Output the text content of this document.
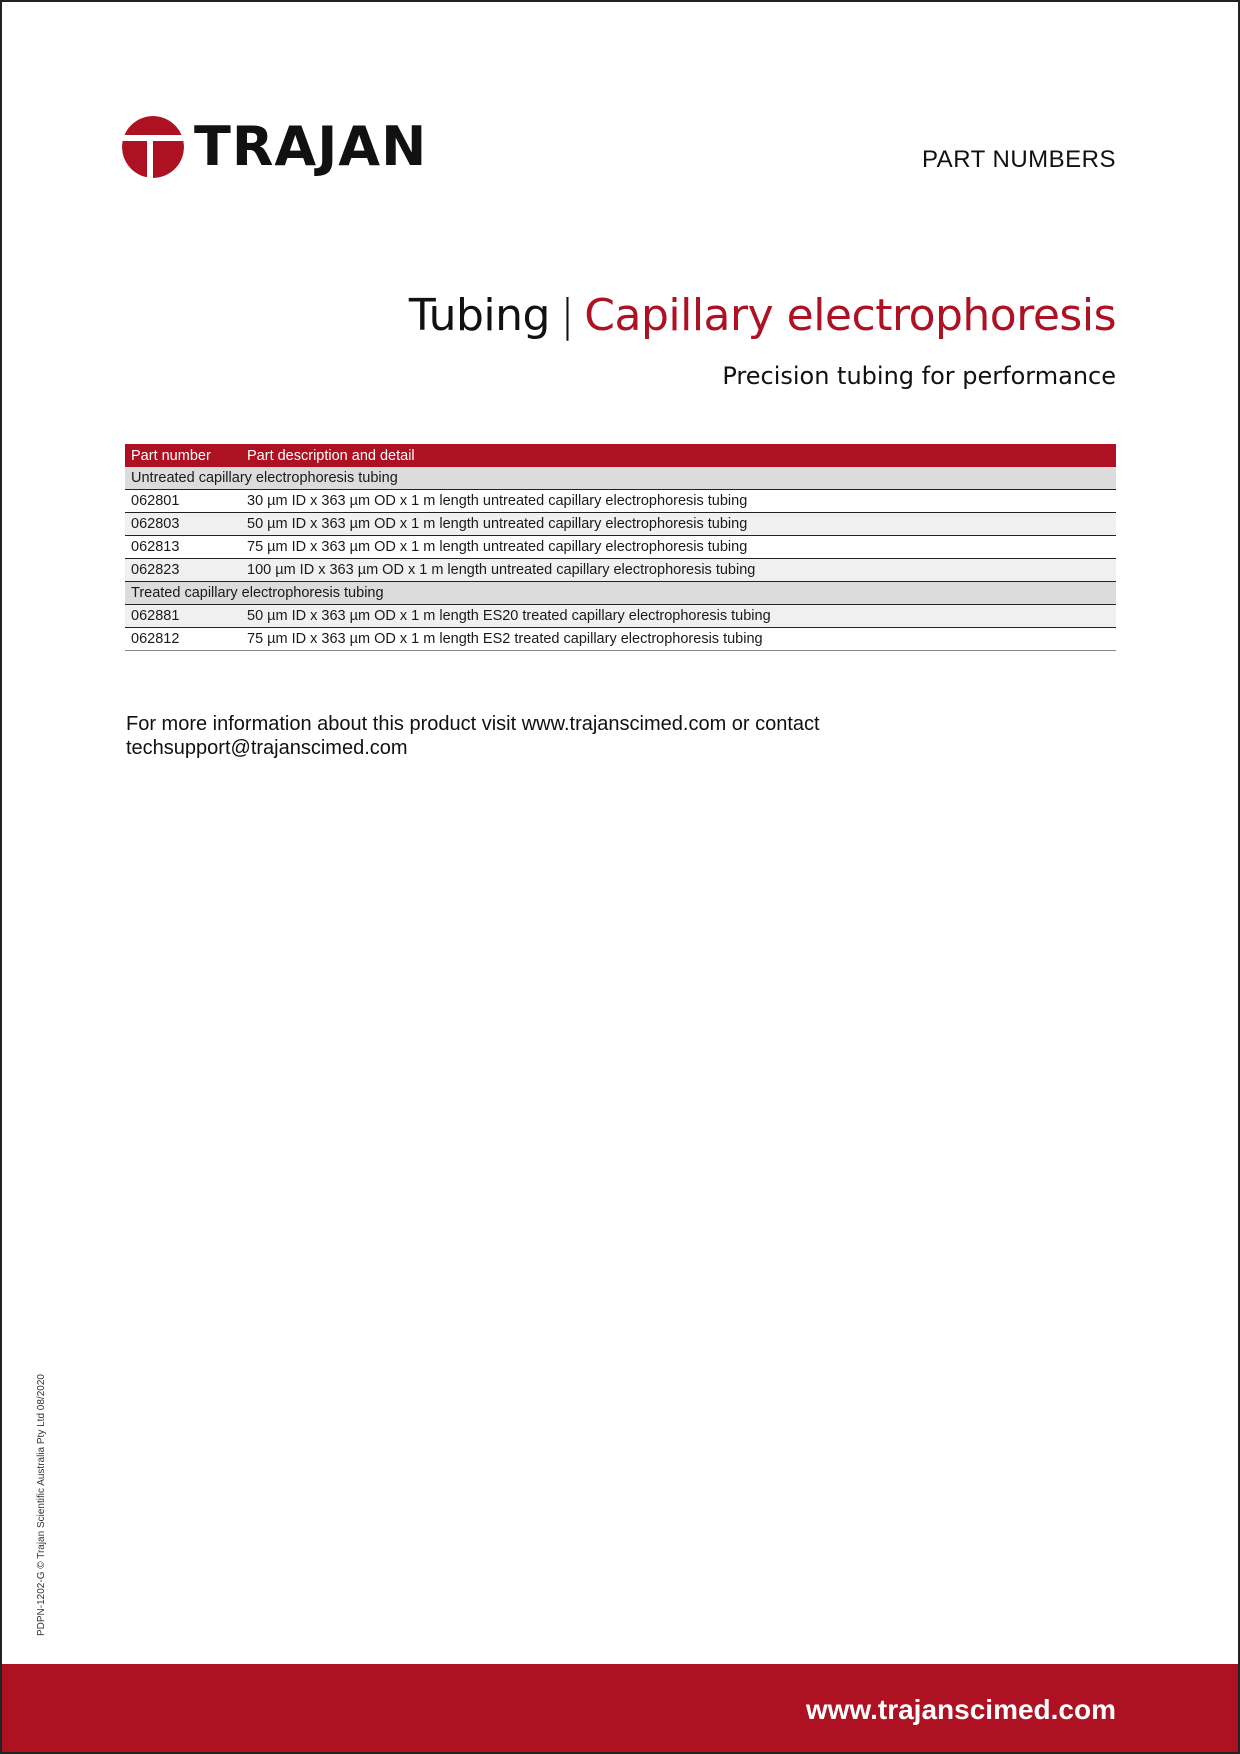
TRAJAN	PART NUMBERS
Tubing | Capillary electrophoresis
Precision tubing for performance
Part number	Part description and detail
Untreated capillary electrophoresis tubing	
062801	30 µm ID x 363 µm OD x 1 m length untreated capillary electrophoresis tubing
062803	50 µm ID x 363 µm OD x 1 m length untreated capillary electrophoresis tubing
062813	75 µm ID x 363 µm OD x 1 m length untreated capillary electrophoresis tubing
062823	100 µm ID x 363 µm OD x 1 m length untreated capillary electrophoresis tubing
Treated capillary electrophoresis tubing	
062881	50 µm ID x 363 µm OD x 1 m length ES20 treated capillary electrophoresis tubing
062812	75 µm ID x 363 µm OD x 1 m length ES2 treated capillary electrophoresis tubing
For more information about this product visit www.trajanscimed.com or contact
techsupport@trajanscimed.com
PDPN-1202-G © Trajan Scientific Australia Pty Ltd 08/2020
www.trajanscimed.com
